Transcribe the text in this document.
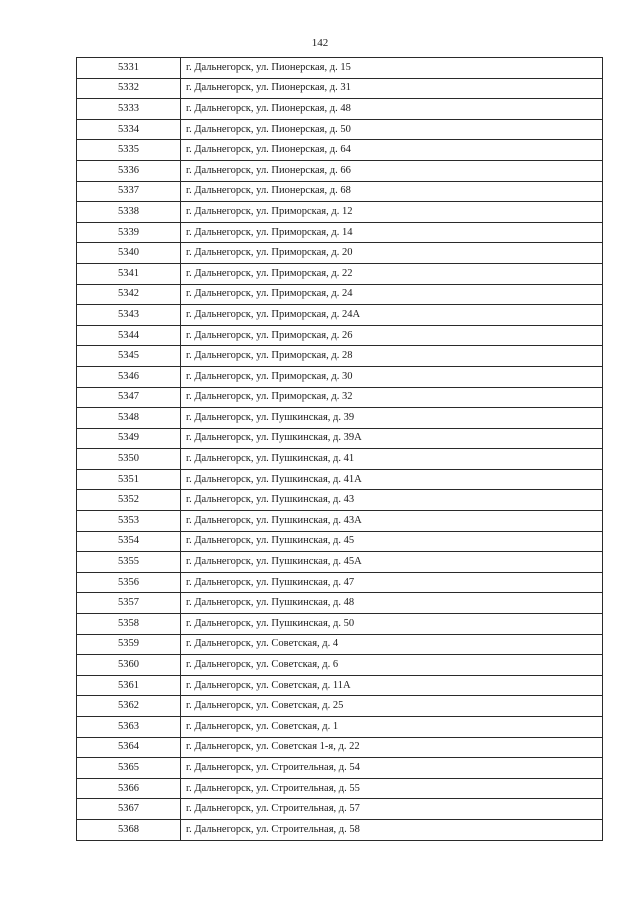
142
5331	г. Дальнегорск, ул. Пионерская, д. 15
5332	г. Дальнегорск, ул. Пионерская, д. 31
5333	г. Дальнегорск, ул. Пионерская, д. 48
5334	г. Дальнегорск, ул. Пионерская, д. 50
5335	г. Дальнегорск, ул. Пионерская, д. 64
5336	г. Дальнегорск, ул. Пионерская, д. 66
5337	г. Дальнегорск, ул. Пионерская, д. 68
5338	г. Дальнегорск, ул. Приморская, д. 12
5339	г. Дальнегорск, ул. Приморская, д. 14
5340	г. Дальнегорск, ул. Приморская, д. 20
5341	г. Дальнегорск, ул. Приморская, д. 22
5342	г. Дальнегорск, ул. Приморская, д. 24
5343	г. Дальнегорск, ул. Приморская, д. 24А
5344	г. Дальнегорск, ул. Приморская, д. 26
5345	г. Дальнегорск, ул. Приморская, д. 28
5346	г. Дальнегорск, ул. Приморская, д. 30
5347	г. Дальнегорск, ул. Приморская, д. 32
5348	г. Дальнегорск, ул. Пушкинская, д. 39
5349	г. Дальнегорск, ул. Пушкинская, д. 39А
5350	г. Дальнегорск, ул. Пушкинская, д. 41
5351	г. Дальнегорск, ул. Пушкинская, д. 41А
5352	г. Дальнегорск, ул. Пушкинская, д. 43
5353	г. Дальнегорск, ул. Пушкинская, д. 43А
5354	г. Дальнегорск, ул. Пушкинская, д. 45
5355	г. Дальнегорск, ул. Пушкинская, д. 45А
5356	г. Дальнегорск, ул. Пушкинская, д. 47
5357	г. Дальнегорск, ул. Пушкинская, д. 48
5358	г. Дальнегорск, ул. Пушкинская, д. 50
5359	г. Дальнегорск, ул. Советская, д. 4
5360	г. Дальнегорск, ул. Советская, д. 6
5361	г. Дальнегорск, ул. Советская, д. 11А
5362	г. Дальнегорск, ул. Советская, д. 25
5363	г. Дальнегорск, ул. Советская, д. 1
5364	г. Дальнегорск, ул. Советская 1-я, д. 22
5365	г. Дальнегорск, ул. Строительная, д. 54
5366	г. Дальнегорск, ул. Строительная, д. 55
5367	г. Дальнегорск, ул. Строительная, д. 57
5368	г. Дальнегорск, ул. Строительная, д. 58
